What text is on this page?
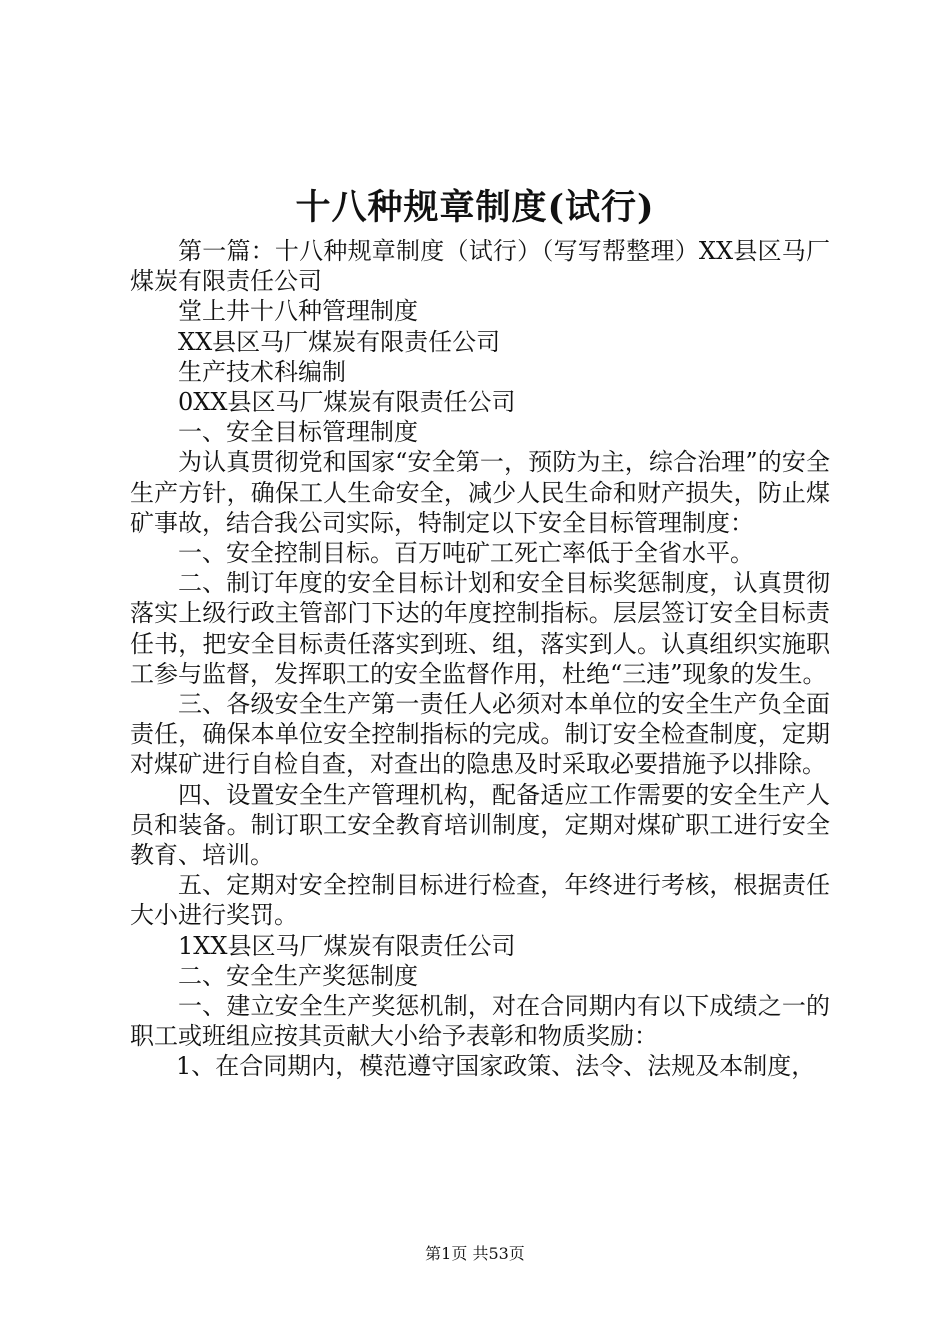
十八种规章制度(试行)

第一篇：十八种规章制度（试行）（写写帮整理）XX县区马厂煤炭有限责任公司

堂上井十八种管理制度

XX县区马厂煤炭有限责任公司

生产技术科编制

0XX县区马厂煤炭有限责任公司

一、安全目标管理制度

为认真贯彻党和国家“安全第一，预防为主，综合治理”的安全生产方针，确保工人生命安全，减少人民生命和财产损失，防止煤矿事故，结合我公司实际，特制定以下安全目标管理制度：

一、安全控制目标。百万吨矿工死亡率低于全省水平。

二、制订年度的安全目标计划和安全目标奖惩制度，认真贯彻落实上级行政主管部门下达的年度控制指标。层层签订安全目标责任书，把安全目标责任落实到班、组，落实到人。认真组织实施职工参与监督，发挥职工的安全监督作用，杜绝“三违”现象的发生。

三、各级安全生产第一责任人必须对本单位的安全生产负全面责任，确保本单位安全控制指标的完成。制订安全检查制度，定期对煤矿进行自检自查，对查出的隐患及时采取必要措施予以排除。

四、设置安全生产管理机构，配备适应工作需要的安全生产人员和装备。制订职工安全教育培训制度，定期对煤矿职工进行安全教育、培训。

五、定期对安全控制目标进行检查，年终进行考核，根据责任大小进行奖罚。

1XX县区马厂煤炭有限责任公司

二、安全生产奖惩制度

一、建立安全生产奖惩机制，对在合同期内有以下成绩之一的职工或班组应按其贡献大小给予表彰和物质奖励：

1、在合同期内，模范遵守国家政策、法令、法规及本制度，

第1页 共53页
